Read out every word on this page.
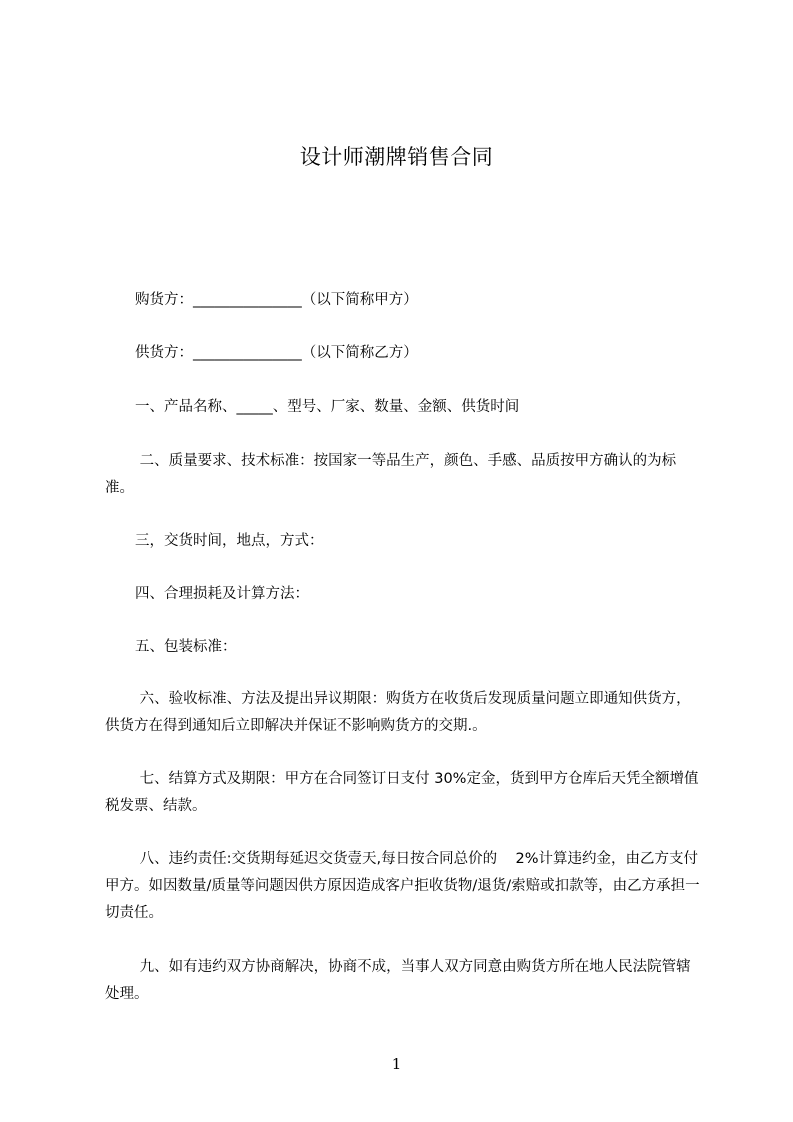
设计师潮牌销售合同
购货方：_______________（以下简称甲方）
供货方：_______________（以下简称乙方）
一、产品名称、_____、型号、厂家、数量、金额、供货时间
二、质量要求、技术标准：按国家一等品生产，颜色、手感、品质按甲方确认的为标准。
三，交货时间，地点，方式：
四、合理损耗及计算方法：
五、包装标准：
六、验收标准、方法及提出异议期限：购货方在收货后发现质量问题立即通知供货方，供货方在得到通知后立即解决并保证不影响购货方的交期.。
七、结算方式及期限：甲方在合同签订日支付 30%定金，货到甲方仓库后天凭全额增值税发票、结款。
八、违约责任:交货期每延迟交货壹天,每日按合同总价的    2%计算违约金，由乙方支付甲方。如因数量/质量等问题因供方原因造成客户拒收货物/退货/索赔或扣款等，由乙方承担一切责任。
九、如有违约双方协商解决，协商不成，当事人双方同意由购货方所在地人民法院管辖处理。
1
